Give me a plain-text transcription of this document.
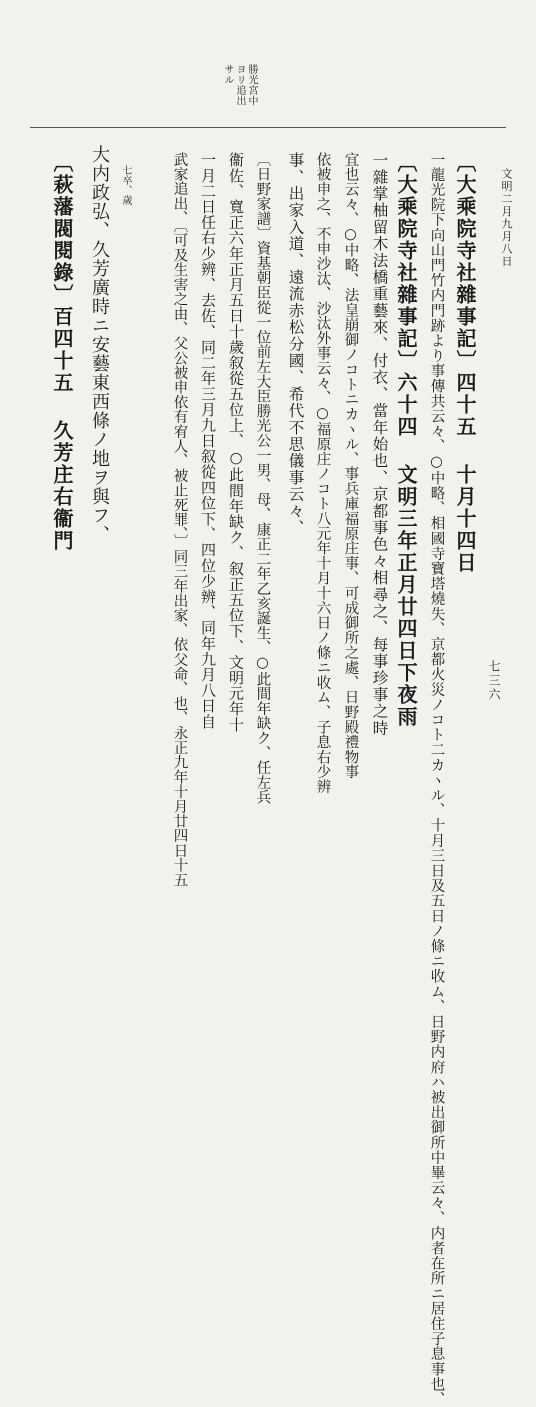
文明二月九月八日
七三六
勝光宮中
ヨリ追出
サル
〔大乘院寺社雜事記〕四十五 十月十四日
一龍光院下向山門竹内門跡より事傳共云々、○中略、相國寺寶塔燒失、京都火災ノコト二カヽル、十月三日及五日ノ條ニ收ム、日野内府ハ被出御所中畢云々、内者在所ニ居住子息事也、
〔大乘院寺社雜事記〕六十四 文明三年正月廿四日下夜雨
一雜掌柚留木法橋重藝來、付衣、當年始也、京都事色々相尋之、每事珍事之時
宜也云々、○中略、法皇崩御ノコトニカヽル、事兵庫福原庄事、可成御所之處、日野殿禮物事
依被申之、不申沙汰、沙汰外事云々、○福原庄ノコト八元年十月十六日ノ條ニ收ム、子息右少辨
事、出家入道、遠流赤松分國、希代不思儀事云々、
〔日野家譜〕資基朝臣從一位前左大臣勝光公一男、母、康正二年乙亥誕生、○此間年缺ク、任左兵
衞佐、寬正六年正月五日十歲叙從五位上、○此間年缺ク、叙正五位下、文明元年十
一月二日任右少辨、去佐、同二年三月九日叙從四位下、四位少辨、同年九月八日自
武家追出、〔可及生害之由、父公被申依有宥人、被止死罪、〕同三年出家、依父命、也、永正九年十月廿四日十五
七卒、歲
大内政弘、久芳廣時ニ安藝東西條ノ地ヲ與フ、
〔萩藩閥閱錄〕百四十五 久芳庄右衞門
